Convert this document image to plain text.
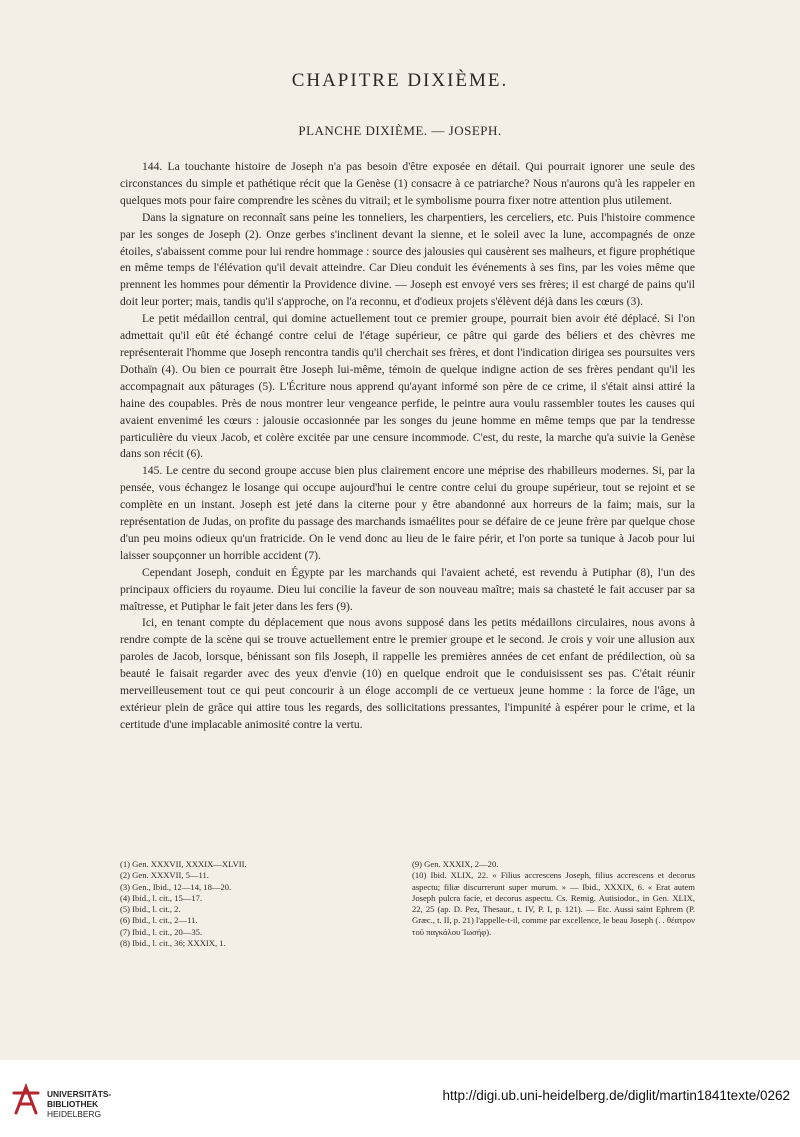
CHAPITRE DIXIÈME.
PLANCHE DIXIÈME. — JOSEPH.

144. La touchante histoire de Joseph n'a pas besoin d'être exposée en détail. Qui pourrait ignorer une seule des circonstances du simple et pathétique récit que la Genèse (1) consacre à ce patriarche? Nous n'aurons qu'à les rappeler en quelques mots pour faire comprendre les scènes du vitrail; et le symbolisme pourra fixer notre attention plus utilement.

Dans la signature on reconnaît sans peine les tonneliers, les charpentiers, les cerceliers, etc. Puis l'histoire commence par les songes de Joseph (2). Onze gerbes s'inclinent devant la sienne, et le soleil avec la lune, accompagnés de onze étoiles, s'abaissent comme pour lui rendre hommage : source des jalousies qui causèrent ses malheurs, et figure prophétique en même temps de l'élévation qu'il devait atteindre. Car Dieu conduit les événements à ses fins, par les voies même que prennent les hommes pour démentir la Providence divine. — Joseph est envoyé vers ses frères; il est chargé de pains qu'il doit leur porter; mais, tandis qu'il s'approche, on l'a reconnu, et d'odieux projets s'élèvent déjà dans les cœurs (3).

Le petit médaillon central, qui domine actuellement tout ce premier groupe, pourrait bien avoir été déplacé. Si l'on admettait qu'il eût été échangé contre celui de l'étage supérieur, ce pâtre qui garde des béliers et des chèvres me représenterait l'homme que Joseph rencontra tandis qu'il cherchait ses frères, et dont l'indication dirigea ses poursuites vers Dothaïn (4). Ou bien ce pourrait être Joseph lui-même, témoin de quelque indigne action de ses frères pendant qu'il les accompagnait aux pâturages (5). L'Écriture nous apprend qu'ayant informé son père de ce crime, il s'était ainsi attiré la haine des coupables. Près de nous montrer leur vengeance perfide, le peintre aura voulu rassembler toutes les causes qui avaient envenimé les cœurs : jalousie occasionnée par les songes du jeune homme en même temps que par la tendresse particulière du vieux Jacob, et colère excitée par une censure incommode. C'est, du reste, la marche qu'a suivie la Genèse dans son récit (6).

145. Le centre du second groupe accuse bien plus clairement encore une méprise des rhabilleurs modernes. Si, par la pensée, vous échangez le losange qui occupe aujourd'hui le centre contre celui du groupe supérieur, tout se rejoint et se complète en un instant. Joseph est jeté dans la citerne pour y être abandonné aux horreurs de la faim; mais, sur la représentation de Judas, on profite du passage des marchands ismaélites pour se défaire de ce jeune frère par quelque chose d'un peu moins odieux qu'un fratricide. On le vend donc au lieu de le faire périr, et l'on porte sa tunique à Jacob pour lui laisser soupçonner un horrible accident (7).

Cependant Joseph, conduit en Égypte par les marchands qui l'avaient acheté, est revendu à Putiphar (8), l'un des principaux officiers du royaume. Dieu lui concilie la faveur de son nouveau maître; mais sa chasteté le fait accuser par sa maîtresse, et Putiphar le fait jeter dans les fers (9).

Ici, en tenant compte du déplacement que nous avons supposé dans les petits médaillons circulaires, nous avons à rendre compte de la scène qui se trouve actuellement entre le premier groupe et le second. Je crois y voir une allusion aux paroles de Jacob, lorsque, bénissant son fils Joseph, il rappelle les premières années de cet enfant de prédilection, où sa beauté le faisait regarder avec des yeux d'envie (10) en quelque endroit que le conduisissent ses pas. C'était réunir merveilleusement tout ce qui peut concourir à un éloge accompli de ce vertueux jeune homme : la force de l'âge, un extérieur plein de grâce qui attire tous les regards, des sollicitations pressantes, l'impunité à espérer pour le crime, et la certitude d'une implacable animosité contre la vertu.

(1) Gen. XXXVII, XXXIX—XLVII.
(2) Gen. XXXVII, 5—11.
(3) Gen., Ibid., 12—14, 18—20.
(4) Ibid., l. cit., 15—17.
(5) Ibid., l. cit., 2.
(6) Ibid., l. cit., 2—11.
(7) Ibid., l. cit., 20—35.
(8) Ibid., l. cit., 36; XXXIX, 1.
(9) Gen. XXXIX, 2—20.
(10) Ibid. XLIX, 22. « Filius accrescens Joseph, filius accrescens et decorus aspectu; filiæ discurrerunt super murum. » — Ibid., XXXIX, 6. « Erat autem Joseph pulcra facie, et decorus aspectu. Cs. Remig. Autisiodor., in Gen. XLIX, 22, 25 (ap. D. Pez, Thesaur., t. IV, P. I, p. 121). — Etc. Aussi saint Ephrem (P. Græc., t. II, p. 21) l'appelle-t-il, comme par excellence, le beau Joseph (. . θέατρον τοῦ παγκάλου Ἰωσήφ).
UNIVERSITÄTS-
BIBLIOTHEK
HEIDELBERG
http://digi.ub.uni-heidelberg.de/diglit/martin1841texte/0262
